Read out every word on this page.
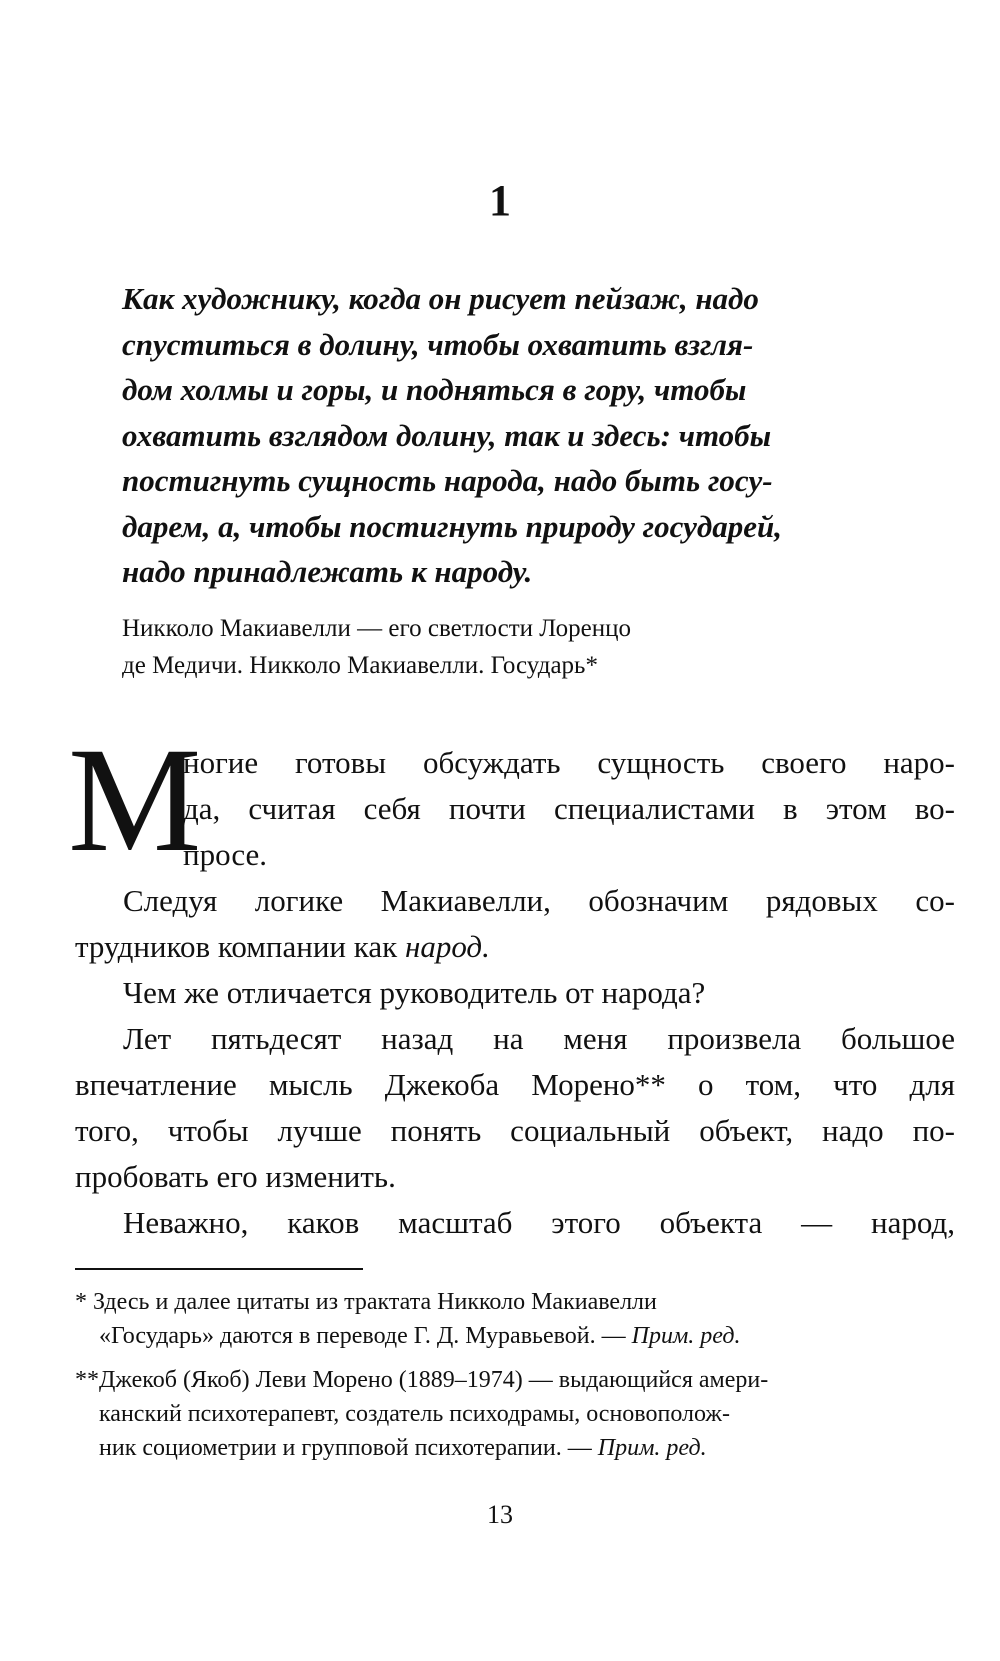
1
Как художнику, когда он рисует пейзаж, надо
спуститься в долину, чтобы охватить взгля-
дом холмы и горы, и подняться в гору, чтобы
охватить взглядом долину, так и здесь: чтобы
постигнуть сущность народа, надо быть госу-
дарем, а, чтобы постигнуть природу государей,
надо принадлежать к народу.
Никколо Макиавелли — его светлости Лоренцо
де Медичи. Никколо Макиавелли. Государь*
М
ногие готовы обсуждать сущность своего наро-
да, считая себя почти специалистами в этом во-
просе.
Следуя логике Макиавелли, обозначим рядовых со-
трудников компании как народ.
Чем же отличается руководитель от народа?
Лет пятьдесят назад на меня произвела большое
впечатление мысль Джекоба Морено** о том, что для
того, чтобы лучше понять социальный объект, надо по-
пробовать его изменить.
Неважно, каков масштаб этого объекта — народ,
* Здесь и далее цитаты из трактата Никколо Макиавелли
«Государь» даются в переводе Г. Д. Муравьевой. — Прим. ред.
**Джекоб (Якоб) Леви Морено (1889–1974) — выдающийся амери-
канский психотерапевт, создатель психодрамы, основополож-
ник социометрии и групповой психотерапии. — Прим. ред.
13
